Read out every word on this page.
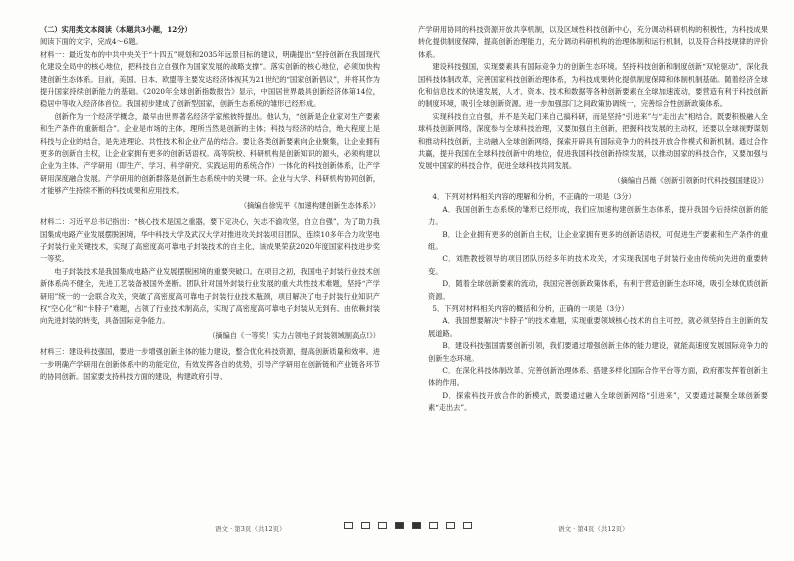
（二）实用类文本阅读（本题共3小题，12分）

阅读下面的文字，完成4～6题。

材料一：最近发布的中共中央关于“十四五”规划和2035年远景目标的建议，明确提出“坚持创新在我国现代化建设全局中的核心地位，把科技自立自强作为国家发展的战略支撑”。落实创新的核心地位，必须加快构建创新生态体系。目前，美国、日本、欧盟等主要发达经济体视其为21世纪的“国家创新倡议”，并将其作为提升国家持续创新能力的基础。《2020年全球创新指数报告》显示，中国居世界最具创新经济体第14位，稳居中等收入经济体首位。我国初步建成了创新型国家，创新生态系统的雏形已经形成。

创新作为一个经济学概念，最早由世界著名经济学家熊彼特提出。他认为，“创新是企业家对生产要素和生产条件的重新组合”。企业是市场的主体，理所当然是创新的主体；科技与经济的结合，绝大程度上是科技与企业的结合，是先进理论、共性技术和企业产品的结合。要让各类创新要素向企业聚集，让企业拥有更多的创新自主权，让企业家拥有更多的创新话语权。高等院校、科研机构是创新知识的源头，必须构建以企业为主体、产学研用（即生产、学习、科学研究、实践运用的系统合作）一体化的科技创新体系，让产学研用深度融合发展。产学研用的创新群落是创新生态系统中的关键一环。企业与大学、科研机构协同创新，才能够产生持续不断的科技成果和应用技术。

（摘编自徐宪平《加速构建创新生态体系》）

材料二：习近平总书记指出：“核心技术是国之重器，要下定决心，矢志不渝攻坚，自立自强”，为了助力我国集成电路产业发展摆脱困境，华中科技大学及武汉大学对推进攻关封装项目团队，连续10多年合力攻坚电子封装行业关键技术，实现了高密度高可靠电子封装技术的自主化，该成果荣获2020年度国家科技进步奖一等奖。

电子封装技术是我国集成电路产业发展摆脱困境的重要突破口。在项目之初，我国电子封装行业技术创新体系尚不健全，先进工艺装备被国外垄断。团队针对国外封装行业发展的重大共性技术难题，坚持“产学研用”统一的一会联合攻关，突破了高密度高可靠电子封装行业技术瓶颈，项目解决了电子封装行业知识产权“空心化”和“卡脖子”难题，占领了行业技术制高点，实现了高密度高可靠电子封装从无到有、由依赖封装向先进封装的转变，具备国际竞争能力。

（摘编自《一等奖！实力占领电子封装领域制高点!》）

材料三：建设科技强国，要进一步增强创新主体的能力建设，整合优化科技资源，提高创新质量和效率。进一步明确产学研用在创新体系中的功能定位，有效发挥各自的优势，引导产学研用在创新链和产业链各环节的协同创新。国家要支持科技方面的建设，构建政府引导、

产学研用协同的科技资源开放共享机制，以及区域性科技创新中心，充分调动科研机构的积极性，为科技成果转化提供制度保障，提高创新治理能力，充分调动科研机构的治理体制和运行机制，以及符合科技规律的评价体系。

建设科技强国，实现要素具有国际竞争力的创新生态环境。坚持科技创新和制度创新“双轮驱动”，深化我国科技体制改革，完善国家科技创新治理体系，为科技成果转化提供制度保障和体制机制基础。随着经济全球化和信息技术的快速发展，人才、资本、技术和数据等各种创新要素在全球加速流动，要营造有利于科技创新的制度环境，吸引全球创新资源。进一步加强部门之间政策协调统一，完善综合性创新政策体系。

实现科技自立自强，并不是关起门来自己搞科研，而是坚持“引进来”与“走出去”相结合。既要积极融入全球科技创新网络，深度参与全球科技治理，又要加强自主创新，把握科技发展的主动权，还要以全球视野谋划和推动科技创新，主动融入全球创新网络，探索开辟具有国际竞争力的科技开放合作模式和新机制。通过合作共赢，提升我国在全球科技创新中的地位，促进我国科技创新持续发展，以推动国家的科技合作，又要加强与发展中国家的科技合作，促进全球科技共同发展。

（摘编自吕薇《创新引领新时代科技强国建设》）

4．下列对材料相关内容的理解和分析，不正确的一项是（3分）

A．我国创新生态系统的雏形已经形成，我们应加速构建创新生态体系，提升我国今后持续创新的能力。

B．让企业拥有更多的创新自主权，让企业家拥有更多的创新话语权，可促进生产要素和生产条件的重组。

C．刘胜教授领导的项目团队历经多年的技术攻关，才实现我国电子封装行业由传统向先进的重要转变。

D．随着全球创新要素的流动，我国完善创新政策体系，有利于营造创新生态环境，吸引全球优质创新资源。

5．下列对材料相关内容的概括和分析，正确的一项是（3分）

A．我国想要解决“卡脖子”的技术难题，实现重要领域核心技术的自主可控，就必须坚持自主创新的发展道路。

B．建设科技强国需要创新引领，我们要通过增强创新主体的能力建设，就能高速度发展国际竞争力的创新生态环境。

C．在深化科技体制改革、完善创新治理体系、搭建多样化国际合作平台等方面，政府都发挥着创新主体的作用。

D．探索科技开放合作的新模式，既要通过融入全球创新网络“引进来”，又要通过凝聚全球创新要素“走出去”。

语文 · 第3页（共12页）	语文 · 第4页（共12页）
